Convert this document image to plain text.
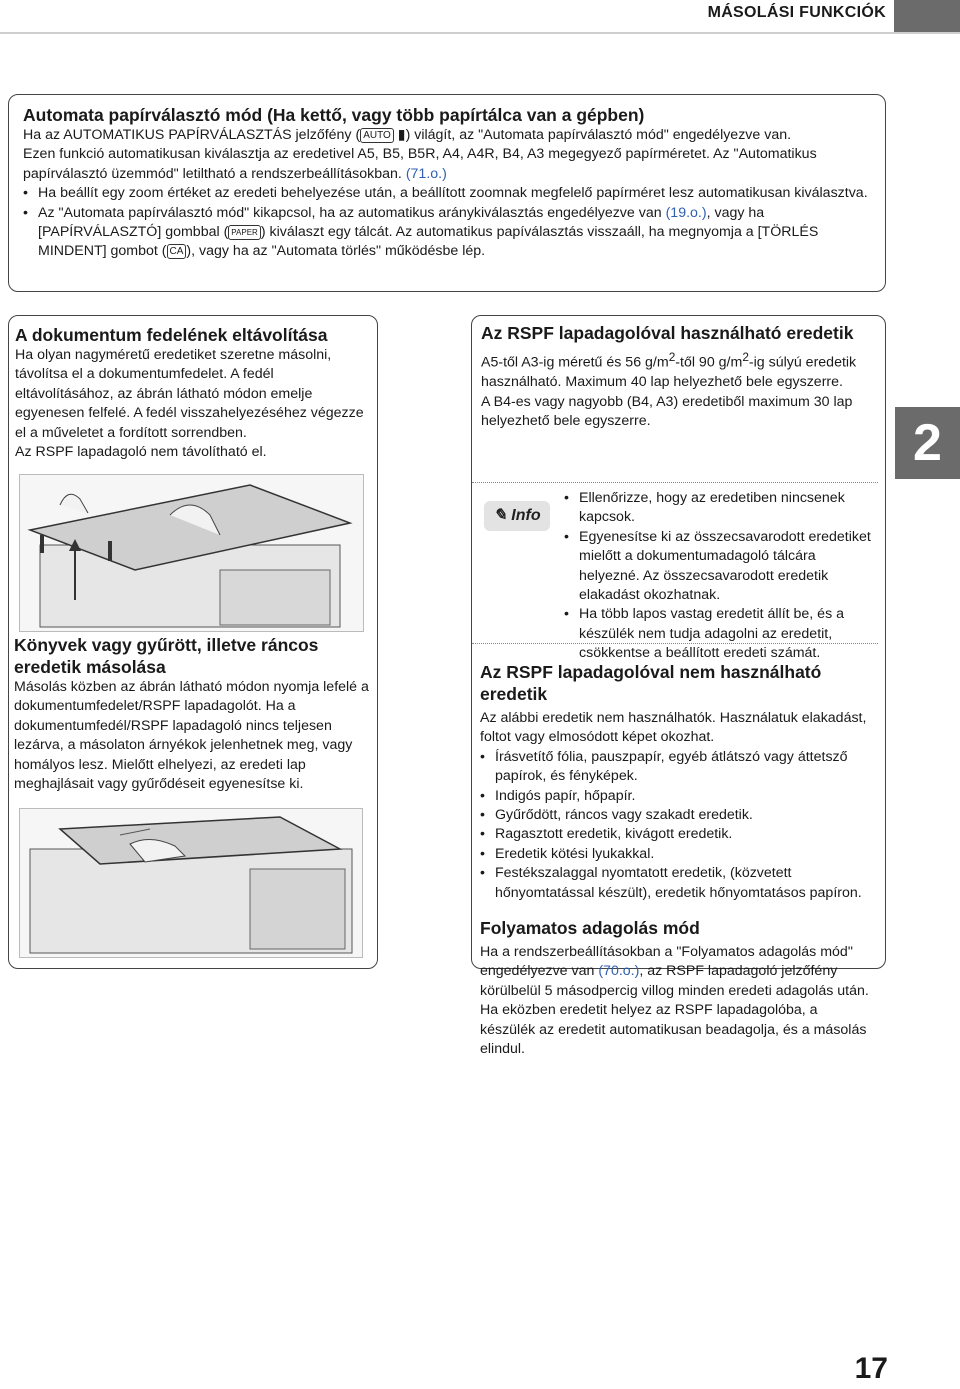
MÁSOLÁSI FUNKCIÓK
2
Automata papírválasztó mód (Ha kettő, vagy több papírtálca van a gépben)

Ha az AUTOMATIKUS PAPÍRVÁLASZTÁS jelzőfény ( AUTO ▮) világít, az "Automata papírválasztó mód" engedélyezve van.
Ezen funkció automatikusan kiválasztja az eredetivel A5, B5, B5R, A4, A4R, B4, A3 megegyező papírméretet. Az "Automatikus papírválasztó üzemmód" letiltható a rendszerbeállításokban. (71.o.)

• Ha beállít egy zoom értéket az eredeti behelyezése után, a beállított zoomnak megfelelő papírméret lesz automatikusan kiválasztva.
• Az "Automata papírválasztó mód" kikapcsol, ha az automatikus aránykiválasztás engedélyezve van (19.o.), vagy ha [PAPÍRVÁLASZTÓ] gombbal ( PAPER ) kiválaszt egy tálcát. Az automatikus papíválasztás visszaáll, ha megnyomja a [TÖRLÉS MINDENT] gombot ( CA ), vagy ha az "Automata törlés" működésbe lép.
A dokumentum fedelének eltávolítása

Ha olyan nagyméretű eredetiket szeretne másolni, távolítsa el a dokumentumfedelet. A fedél eltávolításához, az ábrán látható módon emelje egyenesen felfelé. A fedél visszahelyezéséhez végezze el a műveletet a fordított sorrendben.

Az RSPF lapadagoló nem távolítható el.

Könyvek vagy gyűrött, illetve ráncos eredetik másolása

Másolás közben az ábrán látható módon nyomja lefelé a dokumentumfedelet/RSPF lapadagolót. Ha a dokumentumfedél/RSPF lapadagoló nincs teljesen lezárva, a másolaton árnyékok jelenhetnek meg, vagy homályos lesz. Mielőtt elhelyezi, az eredeti lap meghajlásait vagy gyűrődéseit egyenesítse ki.

Az RSPF lapadagolóval használható eredetik

A5-től A3-ig méretű és 56 $g/m^2$-től 90 $g/m^2-ig$ súlyú eredetik használható. Maximum 40 lap helyezhető bele egyszerre.

A B4-es vagy nagyobb (B4, A3) eredetiből maximum 30 lap helyezhető bele egyszerre.

✎ Info
• Ellenőrizze, hogy az eredetiben nincsenek kapcsok.
• Egyenesítse ki az összecsavarodott eredetiket mielőtt a dokumentumadagoló tálcára helyezné. Az összecsavarodott eredetik elakadást okozhatnak.
• Ha több lapos vastag eredetit állít be, és a készülék nem tudja adagolni az eredetit, csökkentse a beállított eredeti számát.
Az RSPF lapadagolóval nem használható eredetik

Az alábbi eredetik nem használhatók. Használatuk elakadást, foltot vagy elmosódott képet okozhat.

• Írásvetítő fólia, pauszpapír, egyéb átlátszó vagy áttetsző papírok, és fényképek.
• Indigós papír, hőpapír.
• Gyűrődött, ráncos vagy szakadt eredetik.
• Ragasztott eredetik, kivágott eredetik.
• Eredetik kötési lyukakkal.
• Festékszalaggal nyomtatott eredetik, (közvetett hőnyomtatással készült), eredetik hőnyomtatásos papíron.
Folyamatos adagolás mód

Ha a rendszerbeállításokban a "Folyamatos adagolás mód" engedélyezve van (70.o.), az RSPF lapadagoló jelzőfény körülbelül 5 másodpercig villog minden eredeti adagolás után. Ha eközben eredetit helyez az RSPF lapadagolóba, a készülék az eredetit automatikusan beadagolja, és a másolás elindul.

17
